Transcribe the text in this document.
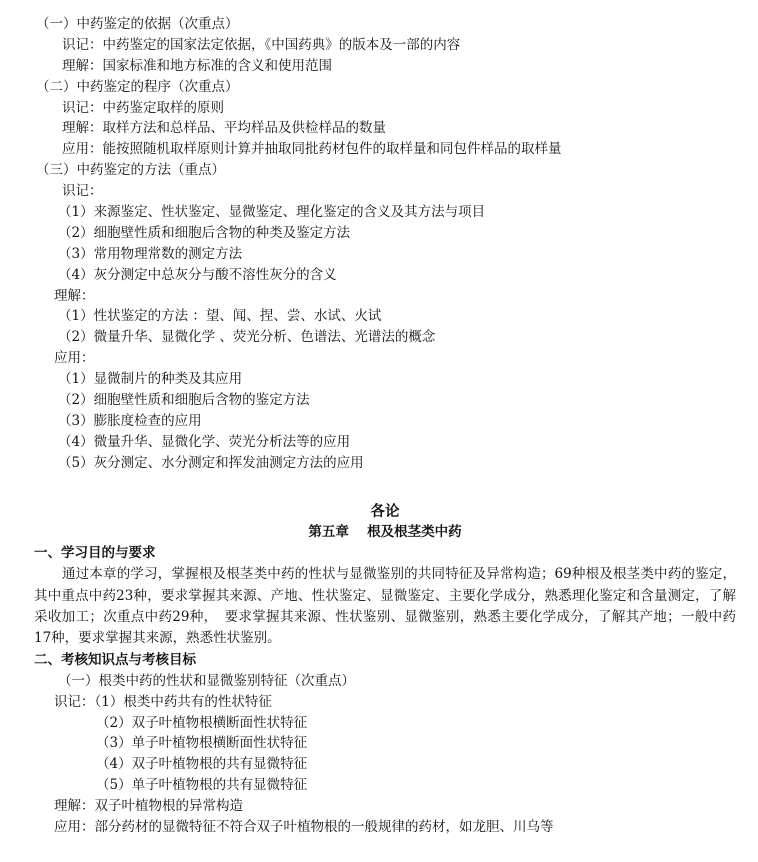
（一）中药鉴定的依据（次重点）
识记：中药鉴定的国家法定依据，《中国药典》的版本及一部的内容
理解：国家标准和地方标准的含义和使用范围
（二）中药鉴定的程序（次重点）
识记：中药鉴定取样的原则
理解：取样方法和总样品、平均样品及供检样品的数量
应用：能按照随机取样原则计算并抽取同批药材包件的取样量和同包件样品的取样量
（三）中药鉴定的方法（重点）
识记：
（1）来源鉴定、性状鉴定、显微鉴定、理化鉴定的含义及其方法与项目
（2）细胞壁性质和细胞后含物的种类及鉴定方法
（3）常用物理常数的测定方法
（4）灰分测定中总灰分与酸不溶性灰分的含义
理解：
（1）性状鉴定的方法 ：望、闻、捏、尝、水试、火试
（2）微量升华、显微化学 、荧光分析、色谱法、光谱法的概念
应用：
（1）显微制片的种类及其应用
（2）细胞壁性质和细胞后含物的鉴定方法
（3）膨胀度检查的应用
（4）微量升华、显微化学、荧光分析法等的应用
（5）灰分测定、水分测定和挥发油测定方法的应用
各论
第五章　 根及根茎类中药
一、学习目的与要求
通过本章的学习，掌握根及根茎类中药的性状与显微鉴别的共同特征及异常构造；69种根及根茎类中药的鉴定，其中重点中药23种，要求掌握其来源、产地、性状鉴定、显微鉴定、主要化学成分，熟悉理化鉴定和含量测定，了解采收加工；次重点中药29种，　要求掌握其来源、性状鉴别、显微鉴别，熟悉主要化学成分，了解其产地；一般中药17种，要求掌握其来源，熟悉性状鉴别。
二、考核知识点与考核目标
（一）根类中药的性状和显微鉴别特征（次重点）
识记：（1）根类中药共有的性状特征
（2）双子叶植物根横断面性状特征
（3）单子叶植物根横断面性状特征
（4）双子叶植物根的共有显微特征
（5）单子叶植物根的共有显微特征
理解：双子叶植物根的异常构造
应用：部分药材的显微特征不符合双子叶植物根的一般规律的药材，如龙胆、川乌等
